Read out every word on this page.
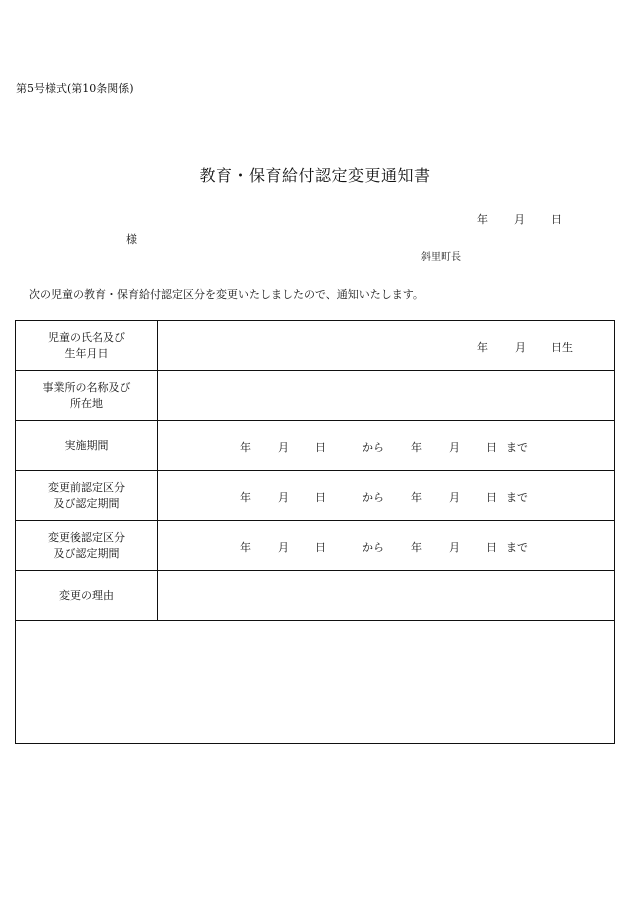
第5号様式(第10条関係)
教育・保育給付認定変更通知書
年 月 日
様
斜里町長
次の児童の教育・保育給付認定区分を変更いたしましたので、通知いたします。
児童の氏名及び
生年月日	年 月 日生
事業所の名称及び
所在地
実施期間	年 月 日	から 年 月 日 まで
変更前認定区分
及び認定期間	年 月 日	から 年 月 日 まで
変更後認定区分
及び認定期間	年 月 日	から 年 月 日 まで
変更の理由
